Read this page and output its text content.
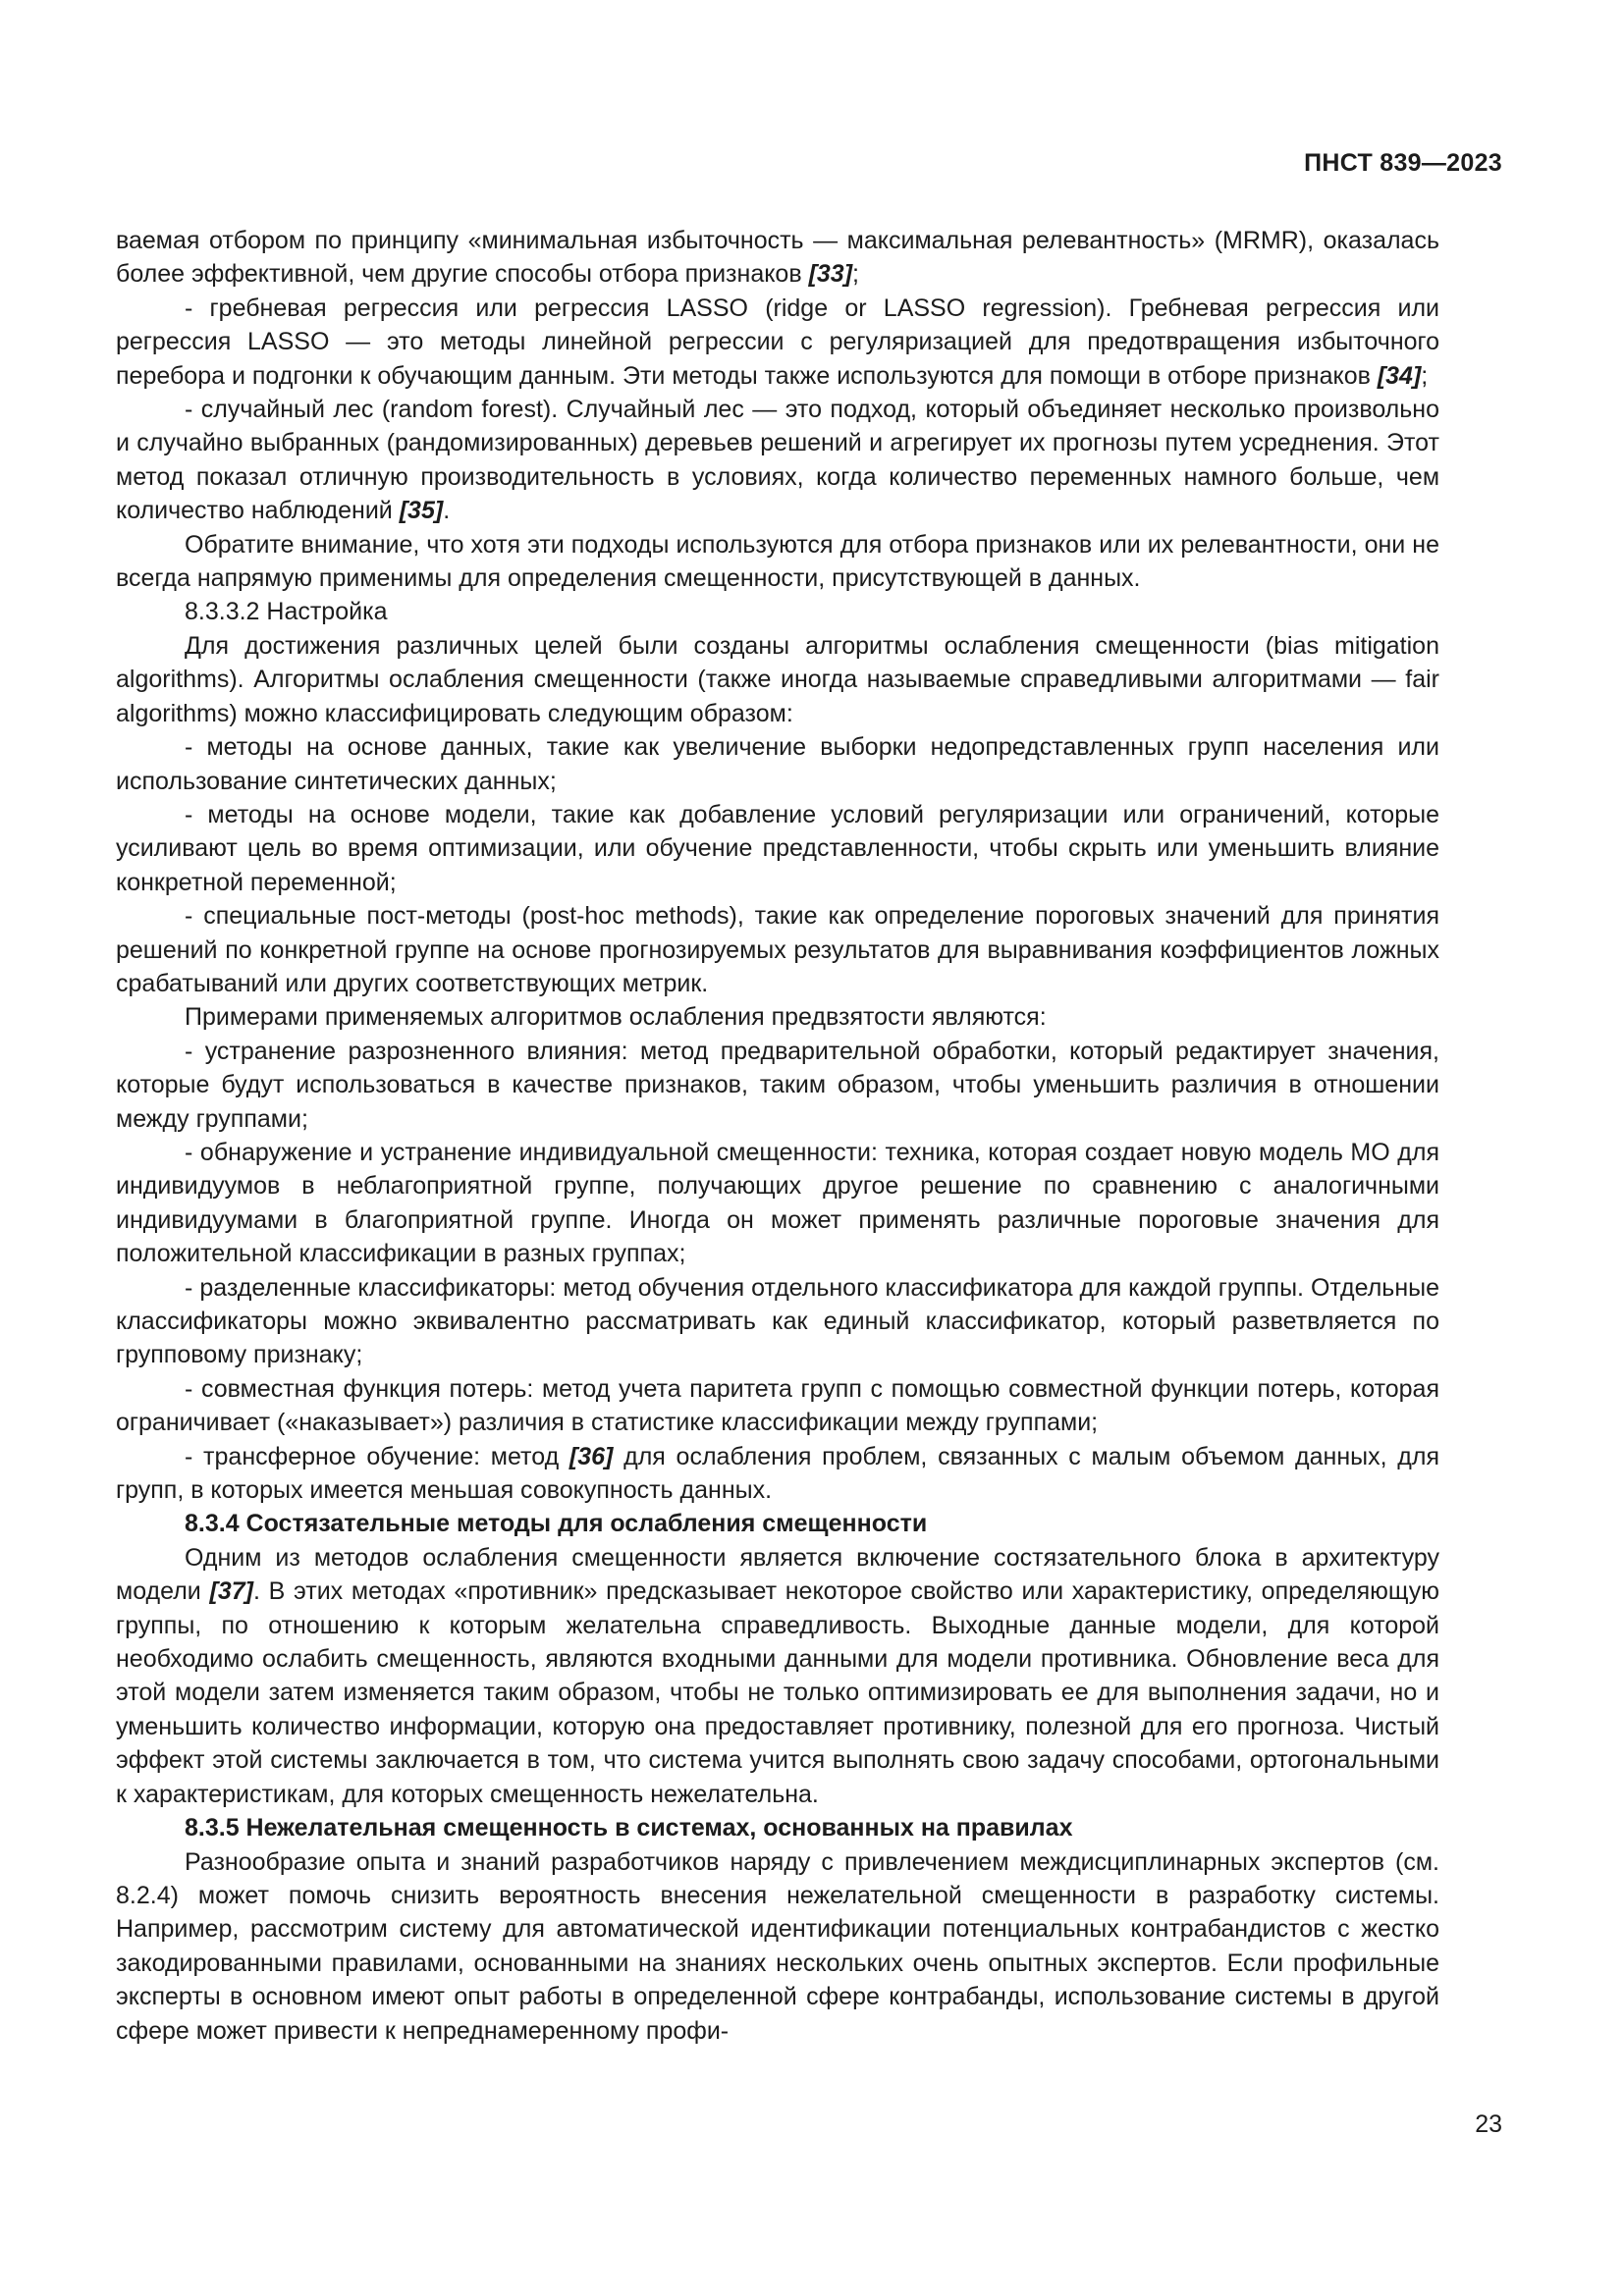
ПНСТ 839—2023

ваемая отбором по принципу «минимальная избыточность — максимальная релевантность» (MRMR), оказалась более эффективной, чем другие способы отбора признаков [33];

- гребневая регрессия или регрессия LASSO (ridge or LASSO regression). Гребневая регрессия или регрессия LASSO — это методы линейной регрессии с регуляризацией для предотвращения избыточного перебора и подгонки к обучающим данным. Эти методы также используются для помощи в отборе признаков [34];

- случайный лес (random forest). Случайный лес — это подход, который объединяет несколько произвольно и случайно выбранных (рандомизированных) деревьев решений и агрегирует их прогнозы путем усреднения. Этот метод показал отличную производительность в условиях, когда количество переменных намного больше, чем количество наблюдений [35].

Обратите внимание, что хотя эти подходы используются для отбора признаков или их релевантности, они не всегда напрямую применимы для определения смещенности, присутствующей в данных.

8.3.3.2 Настройка

Для достижения различных целей были созданы алгоритмы ослабления смещенности (bias mitigation algorithms). Алгоритмы ослабления смещенности (также иногда называемые справедливыми алгоритмами — fair algorithms) можно классифицировать следующим образом:

- методы на основе данных, такие как увеличение выборки недопредставленных групп населения или использование синтетических данных;

- методы на основе модели, такие как добавление условий регуляризации или ограничений, которые усиливают цель во время оптимизации, или обучение представленности, чтобы скрыть или уменьшить влияние конкретной переменной;

- специальные пост-методы (post-hoc methods), такие как определение пороговых значений для принятия решений по конкретной группе на основе прогнозируемых результатов для выравнивания коэффициентов ложных срабатываний или других соответствующих метрик.

Примерами применяемых алгоритмов ослабления предвзятости являются:

- устранение разрозненного влияния: метод предварительной обработки, который редактирует значения, которые будут использоваться в качестве признаков, таким образом, чтобы уменьшить различия в отношении между группами;

- обнаружение и устранение индивидуальной смещенности: техника, которая создает новую модель МО для индивидуумов в неблагоприятной группе, получающих другое решение по сравнению с аналогичными индивидуумами в благоприятной группе. Иногда он может применять различные пороговые значения для положительной классификации в разных группах;

- разделенные классификаторы: метод обучения отдельного классификатора для каждой группы. Отдельные классификаторы можно эквивалентно рассматривать как единый классификатор, который разветвляется по групповому признаку;

- совместная функция потерь: метод учета паритета групп с помощью совместной функции потерь, которая ограничивает («наказывает») различия в статистике классификации между группами;

- трансферное обучение: метод [36] для ослабления проблем, связанных с малым объемом данных, для групп, в которых имеется меньшая совокупность данных.

8.3.4 Состязательные методы для ослабления смещенности

Одним из методов ослабления смещенности является включение состязательного блока в архитектуру модели [37]. В этих методах «противник» предсказывает некоторое свойство или характеристику, определяющую группы, по отношению к которым желательна справедливость. Выходные данные модели, для которой необходимо ослабить смещенность, являются входными данными для модели противника. Обновление веса для этой модели затем изменяется таким образом, чтобы не только оптимизировать ее для выполнения задачи, но и уменьшить количество информации, которую она предоставляет противнику, полезной для его прогноза. Чистый эффект этой системы заключается в том, что система учится выполнять свою задачу способами, ортогональными к характеристикам, для которых смещенность нежелательна.

8.3.5 Нежелательная смещенность в системах, основанных на правилах

Разнообразие опыта и знаний разработчиков наряду с привлечением междисциплинарных экспертов (см. 8.2.4) может помочь снизить вероятность внесения нежелательной смещенности в разработку системы. Например, рассмотрим систему для автоматической идентификации потенциальных контрабандистов с жестко закодированными правилами, основанными на знаниях нескольких очень опытных экспертов. Если профильные эксперты в основном имеют опыт работы в определенной сфере контрабанды, использование системы в другой сфере может привести к непреднамеренному профи-

23
